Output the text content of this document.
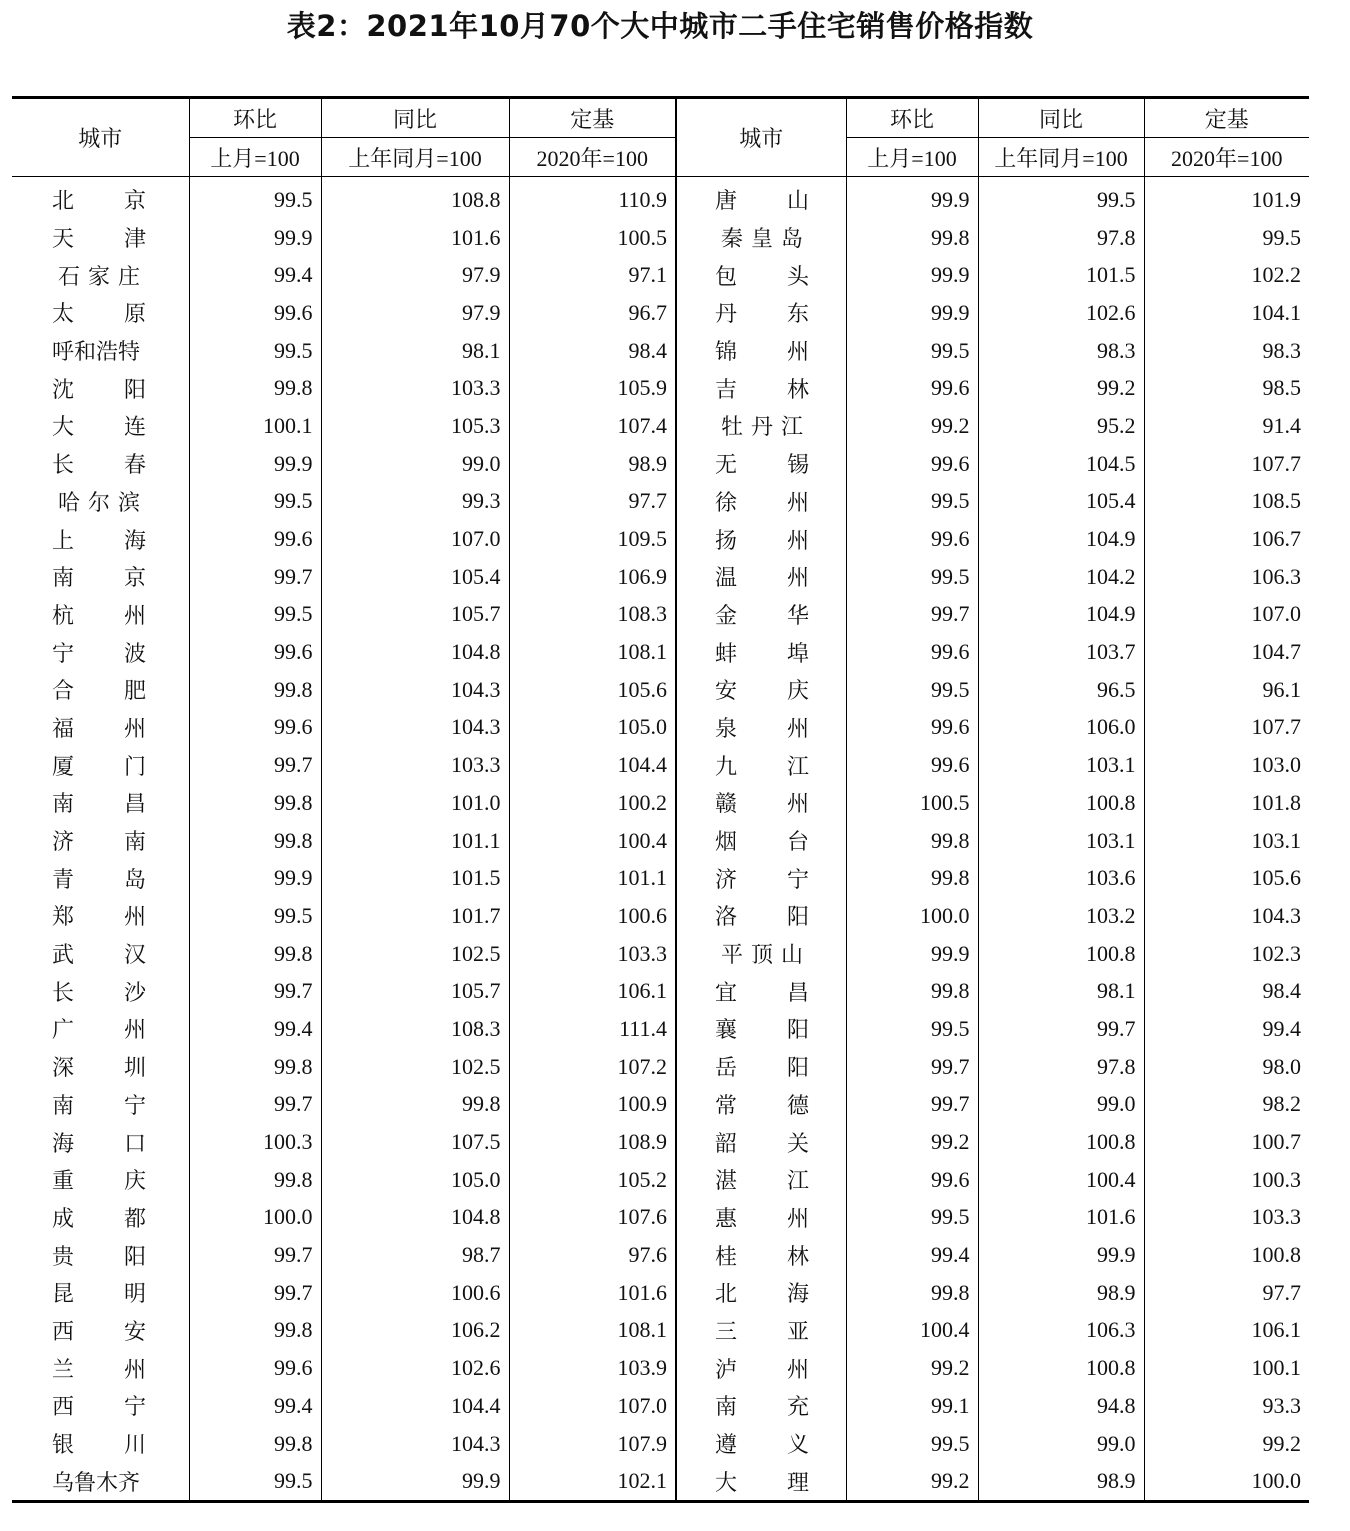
表2：2021年10月70个大中城市二手住宅销售价格指数
城市	环比	同比	定基	城市	环比	同比	定基
	上月=100	上年同月=100	2020年=100		上月=100	上年同月=100	2020年=100
北京	99.5	108.8	110.9	唐山	99.9	99.5	101.9
天津	99.9	101.6	100.5	秦皇岛	99.8	97.8	99.5
石家庄	99.4	97.9	97.1	包头	99.9	101.5	102.2
太原	99.6	97.9	96.7	丹东	99.9	102.6	104.1
呼和浩特	99.5	98.1	98.4	锦州	99.5	98.3	98.3
沈阳	99.8	103.3	105.9	吉林	99.6	99.2	98.5
大连	100.1	105.3	107.4	牡丹江	99.2	95.2	91.4
长春	99.9	99.0	98.9	无锡	99.6	104.5	107.7
哈尔滨	99.5	99.3	97.7	徐州	99.5	105.4	108.5
上海	99.6	107.0	109.5	扬州	99.6	104.9	106.7
南京	99.7	105.4	106.9	温州	99.5	104.2	106.3
杭州	99.5	105.7	108.3	金华	99.7	104.9	107.0
宁波	99.6	104.8	108.1	蚌埠	99.6	103.7	104.7
合肥	99.8	104.3	105.6	安庆	99.5	96.5	96.1
福州	99.6	104.3	105.0	泉州	99.6	106.0	107.7
厦门	99.7	103.3	104.4	九江	99.6	103.1	103.0
南昌	99.8	101.0	100.2	赣州	100.5	100.8	101.8
济南	99.8	101.1	100.4	烟台	99.8	103.1	103.1
青岛	99.9	101.5	101.1	济宁	99.8	103.6	105.6
郑州	99.5	101.7	100.6	洛阳	100.0	103.2	104.3
武汉	99.8	102.5	103.3	平顶山	99.9	100.8	102.3
长沙	99.7	105.7	106.1	宜昌	99.8	98.1	98.4
广州	99.4	108.3	111.4	襄阳	99.5	99.7	99.4
深圳	99.8	102.5	107.2	岳阳	99.7	97.8	98.0
南宁	99.7	99.8	100.9	常德	99.7	99.0	98.2
海口	100.3	107.5	108.9	韶关	99.2	100.8	100.7
重庆	99.8	105.0	105.2	湛江	99.6	100.4	100.3
成都	100.0	104.8	107.6	惠州	99.5	101.6	103.3
贵阳	99.7	98.7	97.6	桂林	99.4	99.9	100.8
昆明	99.7	100.6	101.6	北海	99.8	98.9	97.7
西安	99.8	106.2	108.1	三亚	100.4	106.3	106.1
兰州	99.6	102.6	103.9	泸州	99.2	100.8	100.1
西宁	99.4	104.4	107.0	南充	99.1	94.8	93.3
银川	99.8	104.3	107.9	遵义	99.5	99.0	99.2
乌鲁木齐	99.5	99.9	102.1	大理	99.2	98.9	100.0
